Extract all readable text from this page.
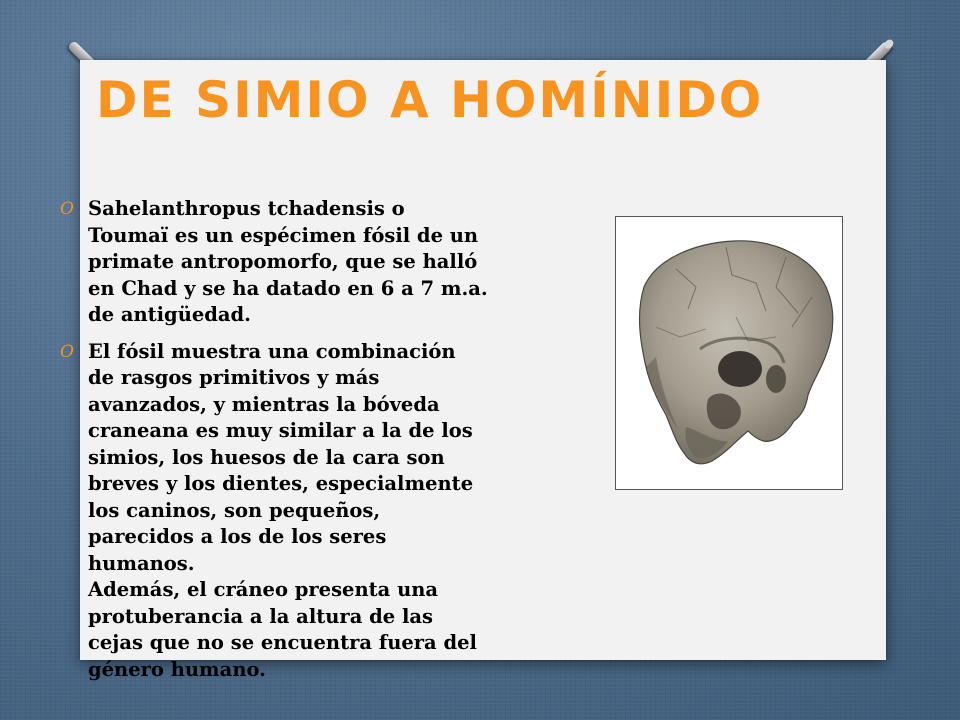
DE SIMIO A HOMÍNIDO
O Sahelanthropus tchadensis o
Toumaï es un espécimen fósil de un
primate antropomorfo, que se halló
en Chad y se ha datado en 6 a 7 m.a.
de antigüedad.
O El fósil muestra una combinación
de rasgos primitivos y más
avanzados, y mientras la bóveda
craneana es muy similar a la de los
simios, los huesos de la cara son
breves y los dientes, especialmente
los caninos, son pequeños,
parecidos a los de los seres
humanos.
Además, el cráneo presenta una
protuberancia a la altura de las
cejas que no se encuentra fuera del
género humano.
